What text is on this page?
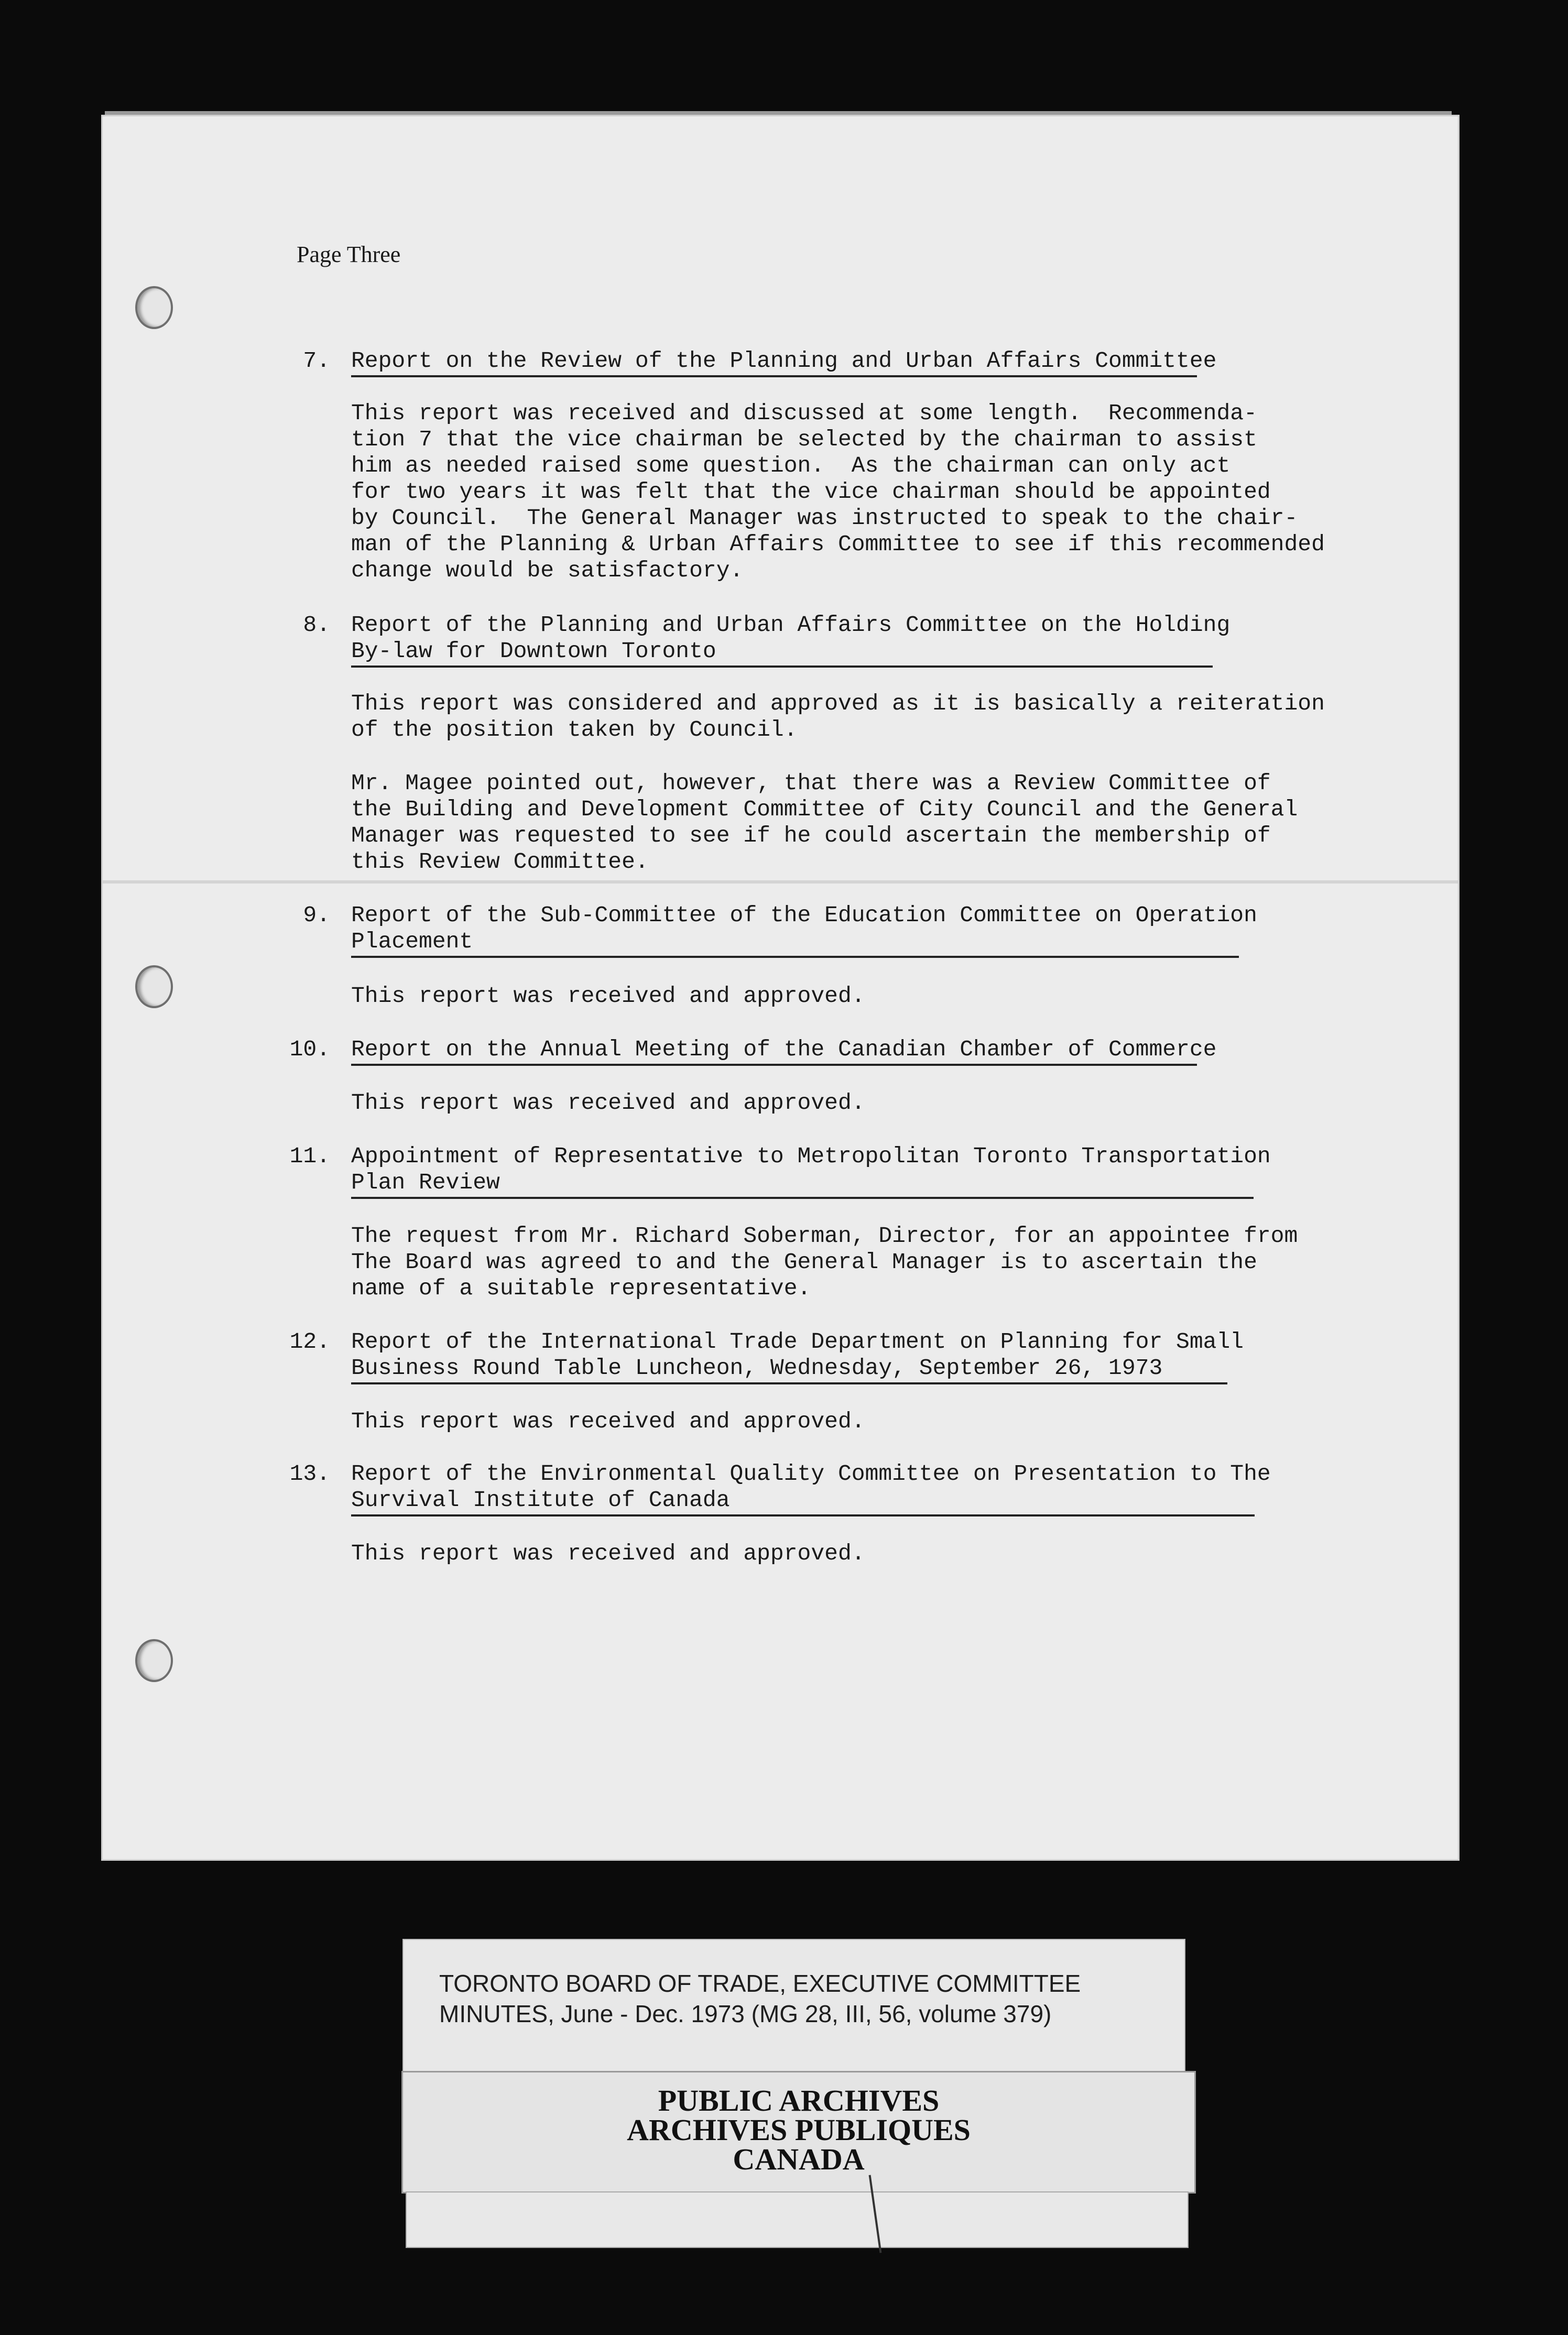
Page Three
7. Report on the Review of the Planning and Urban Affairs Committee
This report was received and discussed at some length.  Recommenda-
tion 7 that the vice chairman be selected by the chairman to assist
him as needed raised some question.  As the chairman can only act
for two years it was felt that the vice chairman should be appointed
by Council.  The General Manager was instructed to speak to the chair-
man of the Planning & Urban Affairs Committee to see if this recommended
change would be satisfactory.
8. Report of the Planning and Urban Affairs Committee on the Holding
By-law for Downtown Toronto
This report was considered and approved as it is basically a reiteration
of the position taken by Council.
Mr. Magee pointed out, however, that there was a Review Committee of
the Building and Development Committee of City Council and the General
Manager was requested to see if he could ascertain the membership of
this Review Committee.
9. Report of the Sub-Committee of the Education Committee on Operation
Placement
This report was received and approved.
10. Report on the Annual Meeting of the Canadian Chamber of Commerce
This report was received and approved.
11. Appointment of Representative to Metropolitan Toronto Transportation
Plan Review
The request from Mr. Richard Soberman, Director, for an appointee from
The Board was agreed to and the General Manager is to ascertain the
name of a suitable representative.
12. Report of the International Trade Department on Planning for Small
Business Round Table Luncheon, Wednesday, September 26, 1973
This report was received and approved.
13. Report of the Environmental Quality Committee on Presentation to The
Survival Institute of Canada
This report was received and approved.
TORONTO BOARD OF TRADE, EXECUTIVE COMMITTEE
MINUTES, June - Dec. 1973 (MG 28, III, 56, volume 379)
PUBLIC ARCHIVES
ARCHIVES PUBLIQUES
CANADA
